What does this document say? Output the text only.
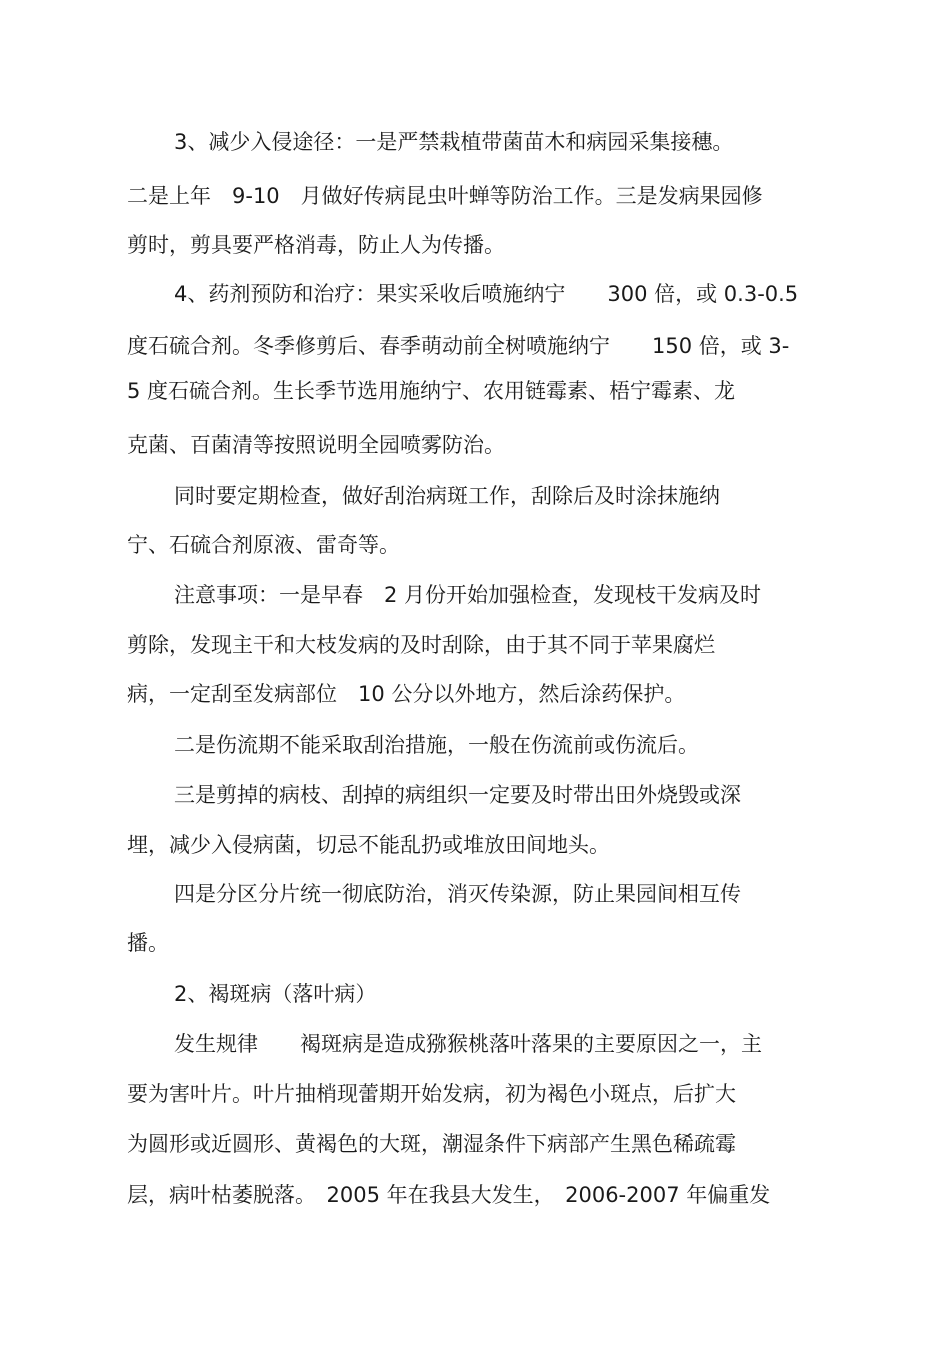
3、减少入侵途径：一是严禁栽植带菌苗木和病园采集接穗。
二是上年　9-10　月做好传病昆虫叶蝉等防治工作。三是发病果园修
剪时，剪具要严格消毒，防止人为传播。
4、药剂预防和治疗：果实采收后喷施纳宁　　300 倍，或 0.3-0.5
度石硫合剂。冬季修剪后、春季萌动前全树喷施纳宁　　150 倍，或 3-
5 度石硫合剂。生长季节选用施纳宁、农用链霉素、梧宁霉素、龙
克菌、百菌清等按照说明全园喷雾防治。
同时要定期检查，做好刮治病斑工作，刮除后及时涂抹施纳
宁、石硫合剂原液、雷奇等。
注意事项：一是早春　2 月份开始加强检查，发现枝干发病及时
剪除，发现主干和大枝发病的及时刮除，由于其不同于苹果腐烂
病，一定刮至发病部位　10 公分以外地方，然后涂药保护。
二是伤流期不能采取刮治措施，一般在伤流前或伤流后。
三是剪掉的病枝、刮掉的病组织一定要及时带出田外烧毁或深
埋，减少入侵病菌，切忌不能乱扔或堆放田间地头。
四是分区分片统一彻底防治，消灭传染源，防止果园间相互传
播。
2、褐斑病（落叶病）
发生规律　　褐斑病是造成猕猴桃落叶落果的主要原因之一，主
要为害叶片。叶片抽梢现蕾期开始发病，初为褐色小斑点，后扩大
为圆形或近圆形、黄褐色的大斑，潮湿条件下病部产生黑色稀疏霉
层，病叶枯萎脱落。　2005 年在我县大发生，　2006-2007 年偏重发
